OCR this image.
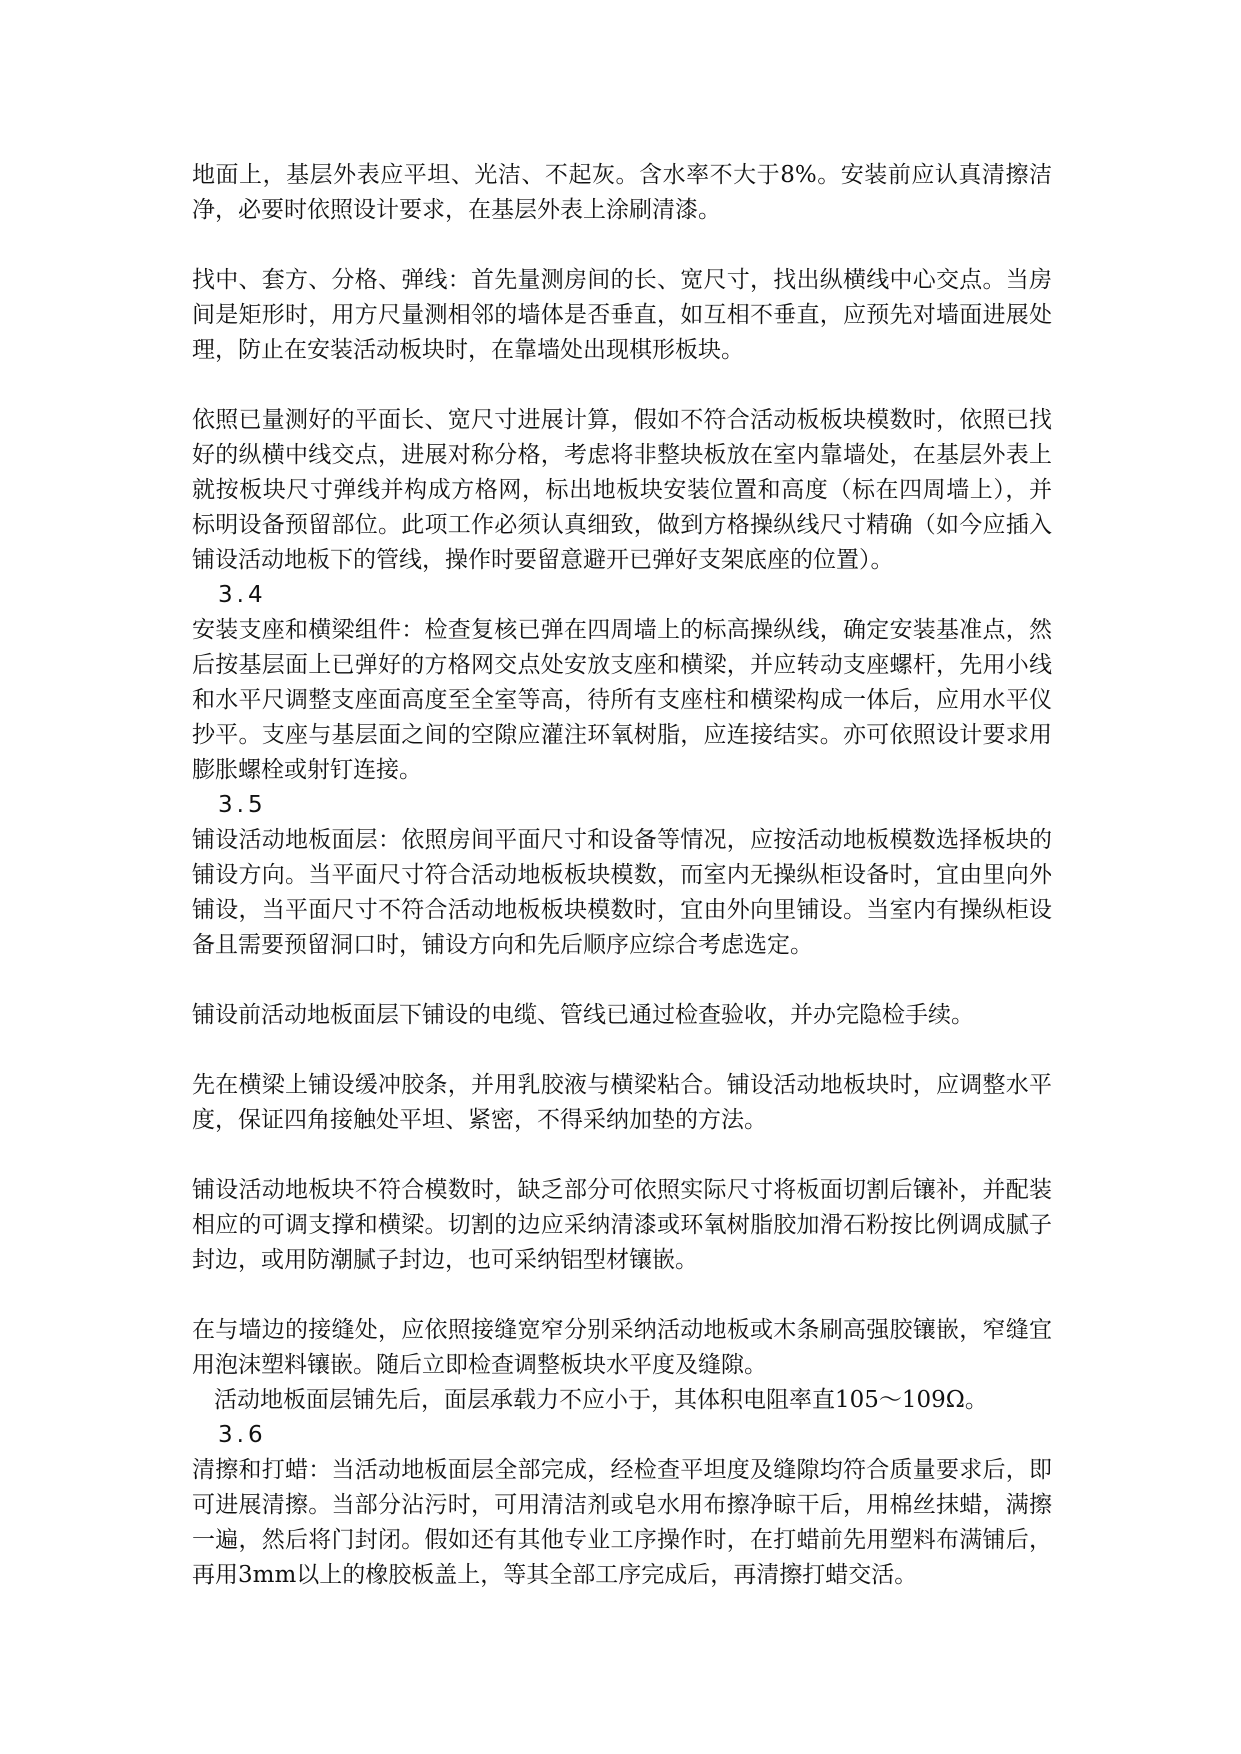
地面上，基层外表应平坦、光洁、不起灰。含水率不大于8%。安装前应认真清擦洁净，必要时依照设计要求，在基层外表上涂刷清漆。

找中、套方、分格、弹线：首先量测房间的长、宽尺寸，找出纵横线中心交点。当房间是矩形时，用方尺量测相邻的墙体是否垂直，如互相不垂直，应预先对墙面进展处理，防止在安装活动板块时，在靠墙处出现棋形板块。

依照已量测好的平面长、宽尺寸进展计算，假如不符合活动板板块模数时，依照已找好的纵横中线交点，进展对称分格，考虑将非整块板放在室内靠墙处，在基层外表上就按板块尺寸弹线并构成方格网，标出地板块安装位置和高度（标在四周墙上），并标明设备预留部位。此项工作必须认真细致，做到方格操纵线尺寸精确（如今应插入铺设活动地板下的管线，操作时要留意避开已弹好支架底座的位置）。

3.4

安装支座和横梁组件：检查复核已弹在四周墙上的标高操纵线，确定安装基准点，然后按基层面上已弹好的方格网交点处安放支座和横梁，并应转动支座螺杆，先用小线和水平尺调整支座面高度至全室等高，待所有支座柱和横梁构成一体后，应用水平仪抄平。支座与基层面之间的空隙应灌注环氧树脂，应连接结实。亦可依照设计要求用膨胀螺栓或射钉连接。

3.5

铺设活动地板面层：依照房间平面尺寸和设备等情况，应按活动地板模数选择板块的铺设方向。当平面尺寸符合活动地板板块模数，而室内无操纵柜设备时，宜由里向外铺设，当平面尺寸不符合活动地板板块模数时，宜由外向里铺设。当室内有操纵柜设备且需要预留洞口时，铺设方向和先后顺序应综合考虑选定。

铺设前活动地板面层下铺设的电缆、管线已通过检查验收，并办完隐检手续。

先在横梁上铺设缓冲胶条，并用乳胶液与横梁粘合。铺设活动地板块时，应调整水平度，保证四角接触处平坦、紧密，不得采纳加垫的方法。

铺设活动地板块不符合模数时，缺乏部分可依照实际尺寸将板面切割后镶补，并配装相应的可调支撑和横梁。切割的边应采纳清漆或环氧树脂胶加滑石粉按比例调成腻子封边，或用防潮腻子封边，也可采纳铝型材镶嵌。

在与墙边的接缝处，应依照接缝宽窄分别采纳活动地板或木条刷高强胶镶嵌，窄缝宜用泡沫塑料镶嵌。随后立即检查调整板块水平度及缝隙。

活动地板面层铺先后，面层承载力不应小于，其体积电阻率直105～109Ω。

3.6

清擦和打蜡：当活动地板面层全部完成，经检查平坦度及缝隙均符合质量要求后，即可进展清擦。当部分沾污时，可用清洁剂或皂水用布擦净晾干后，用棉丝抹蜡，满擦一遍，然后将门封闭。假如还有其他专业工序操作时，在打蜡前先用塑料布满铺后，再用3mm以上的橡胶板盖上，等其全部工序完成后，再清擦打蜡交活。
